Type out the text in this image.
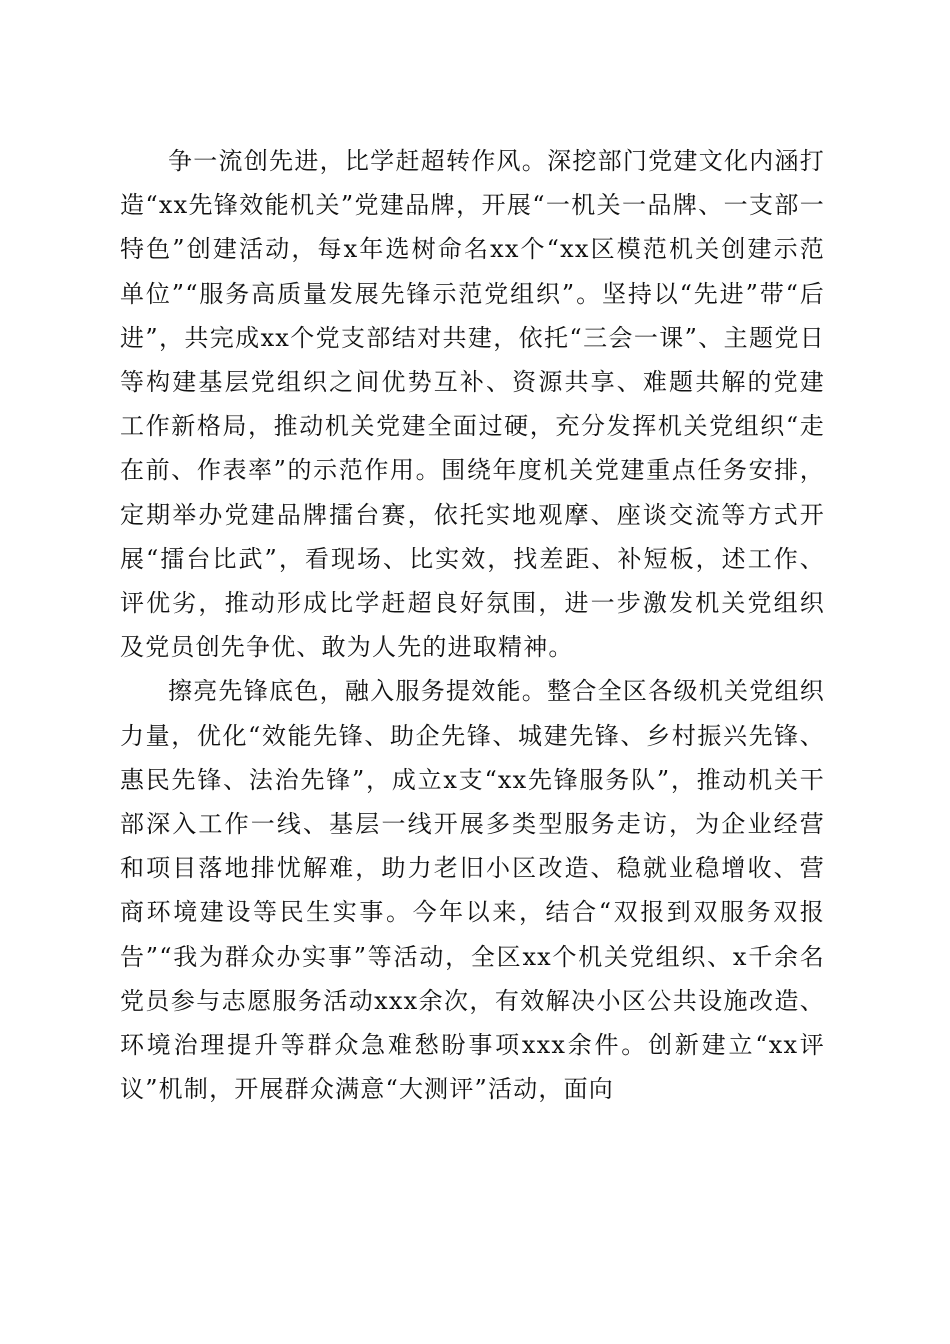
争一流创先进，比学赶超转作风。深挖部门党建文化内涵打造“xx先锋效能机关”党建品牌，开展“一机关一品牌、一支部一特色”创建活动，每x年选树命名xx个“xx区模范机关创建示范单位”“服务高质量发展先锋示范党组织”。坚持以“先进”带“后进”，共完成xx个党支部结对共建，依托“三会一课”、主题党日等构建基层党组织之间优势互补、资源共享、难题共解的党建工作新格局，推动机关党建全面过硬，充分发挥机关党组织“走在前、作表率”的示范作用。围绕年度机关党建重点任务安排，定期举办党建品牌擂台赛，依托实地观摩、座谈交流等方式开展“擂台比武”，看现场、比实效，找差距、补短板，述工作、评优劣，推动形成比学赶超良好氛围，进一步激发机关党组织及党员创先争优、敢为人先的进取精神。

擦亮先锋底色，融入服务提效能。整合全区各级机关党组织力量，优化“效能先锋、助企先锋、城建先锋、乡村振兴先锋、惠民先锋、法治先锋”，成立x支“xx先锋服务队”，推动机关干部深入工作一线、基层一线开展多类型服务走访，为企业经营和项目落地排忧解难，助力老旧小区改造、稳就业稳增收、营商环境建设等民生实事。今年以来，结合“双报到双服务双报告”“我为群众办实事”等活动，全区xx个机关党组织、x千余名党员参与志愿服务活动xxx余次，有效解决小区公共设施改造、环境治理提升等群众急难愁盼事项xxx余件。创新建立“xx评议”机制，开展群众满意“大测评”活动，面向
